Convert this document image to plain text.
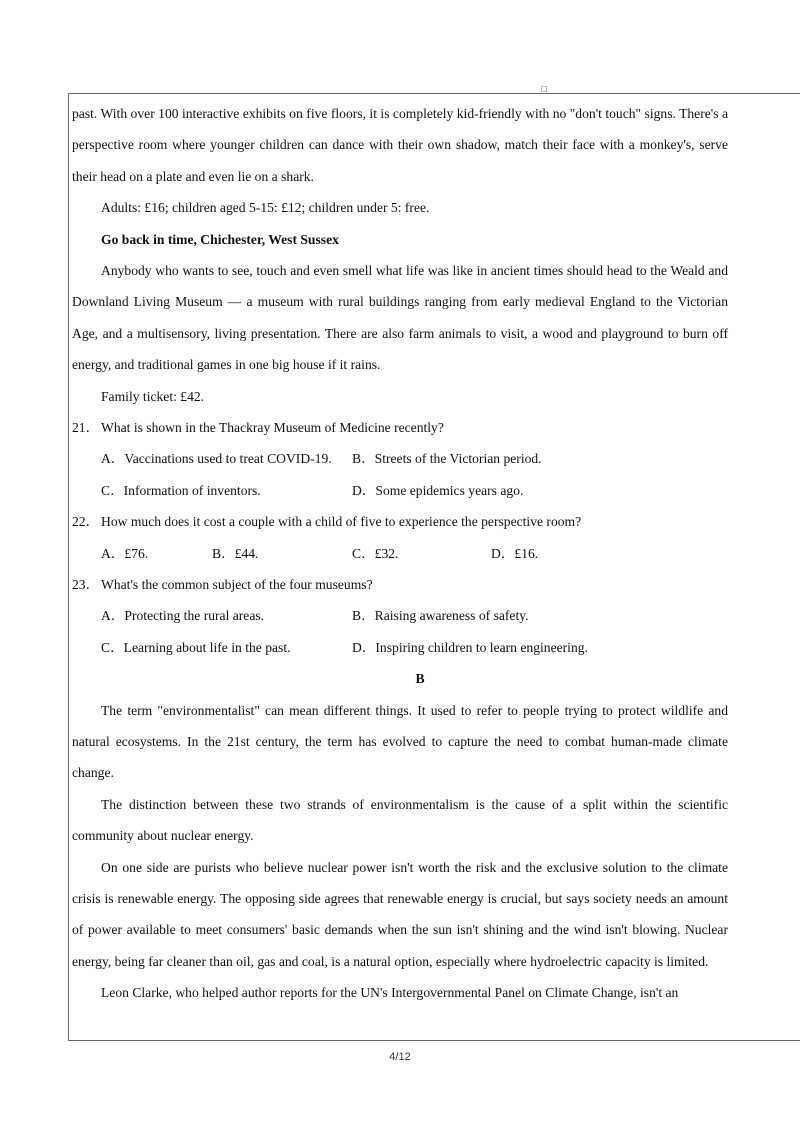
□

past. With over 100 interactive exhibits on five floors, it is completely kid-friendly with no "don't touch" signs. There's a perspective room where younger children can dance with their own shadow, match their face with a monkey's, serve their head on a plate and even lie on a shark.

Adults: £16; children aged 5-15: £12; children under 5: free.

Go back in time, Chichester, West Sussex

Anybody who wants to see, touch and even smell what life was like in ancient times should head to the Weald and Downland Living Museum — a museum with rural buildings ranging from early medieval England to the Victorian Age, and a multisensory, living presentation. There are also farm animals to visit, a wood and playground to burn off energy, and traditional games in one big house if it rains.

Family ticket: £42.

21． What is shown in the Thackray Museum of Medicine recently?
A．Vaccinations used to treat COVID-19. B．Streets of the Victorian period.
C．Information of inventors.	D．Some epidemics years ago.
22． How much does it cost a couple with a child of five to experience the perspective room?
A．£76.	B．£44.	C．£32.	D．£16.
23． What's the common subject of the four museums?
A．Protecting the rural areas.	B．Raising awareness of safety.
C．Learning about life in the past.	D．Inspiring children to learn engineering.

B

The term "environmentalist" can mean different things. It used to refer to people trying to protect wildlife and natural ecosystems. In the 21st century, the term has evolved to capture the need to combat human-made climate change.

The distinction between these two strands of environmentalism is the cause of a split within the scientific community about nuclear energy.

On one side are purists who believe nuclear power isn't worth the risk and the exclusive solution to the climate crisis is renewable energy. The opposing side agrees that renewable energy is crucial, but says society needs an amount of power available to meet consumers' basic demands when the sun isn't shining and the wind isn't blowing. Nuclear energy, being far cleaner than oil, gas and coal, is a natural option, especially where hydroelectric capacity is limited.

Leon Clarke, who helped author reports for the UN's Intergovernmental Panel on Climate Change, isn't an

4/12
